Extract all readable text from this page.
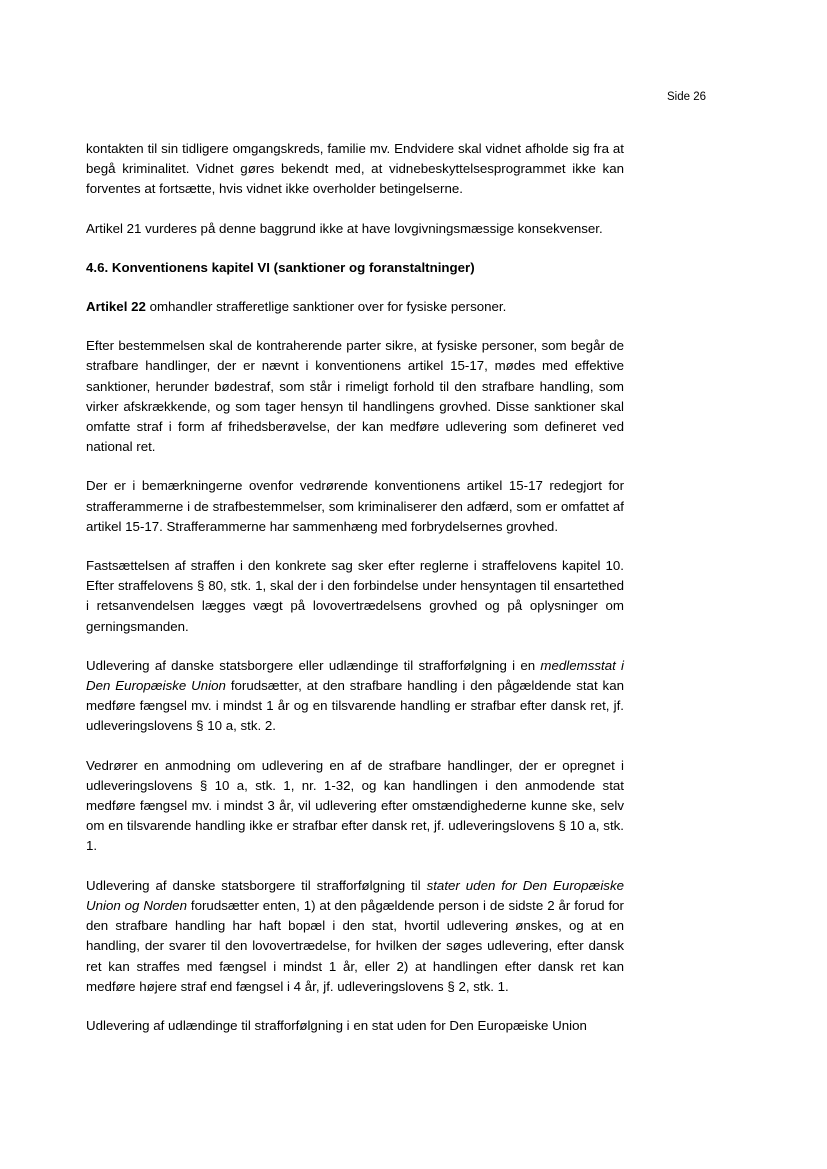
Side 26

kontakten til sin tidligere omgangskreds, familie mv. Endvidere skal vidnet afholde sig fra at begå kriminalitet. Vidnet gøres bekendt med, at vidnebeskyttelsesprogrammet ikke kan forventes at fortsætte, hvis vidnet ikke overholder betingelserne.

Artikel 21 vurderes på denne baggrund ikke at have lovgivningsmæssige konsekvenser.

4.6. Konventionens kapitel VI (sanktioner og foranstaltninger)

Artikel 22 omhandler strafferetlige sanktioner over for fysiske personer.

Efter bestemmelsen skal de kontraherende parter sikre, at fysiske personer, som begår de strafbare handlinger, der er nævnt i konventionens artikel 15-17, mødes med effektive sanktioner, herunder bødestraf, som står i rimeligt forhold til den strafbare handling, som virker afskrækkende, og som tager hensyn til handlingens grovhed. Disse sanktioner skal omfatte straf i form af frihedsberøvelse, der kan medføre udlevering som defineret ved national ret.

Der er i bemærkningerne ovenfor vedrørende konventionens artikel 15-17 redegjort for strafferammerne i de strafbestemmelser, som kriminaliserer den adfærd, som er omfattet af artikel 15-17. Strafferammerne har sammenhæng med forbrydelsernes grovhed.

Fastsættelsen af straffen i den konkrete sag sker efter reglerne i straffelovens kapitel 10. Efter straffelovens § 80, stk. 1, skal der i den forbindelse under hensyntagen til ensartethed i retsanvendelsen lægges vægt på lovovertrædelsens grovhed og på oplysninger om gerningsmanden.

Udlevering af danske statsborgere eller udlændinge til strafforfølgning i en medlemsstat i Den Europæiske Union forudsætter, at den strafbare handling i den pågældende stat kan medføre fængsel mv. i mindst 1 år og en tilsvarende handling er strafbar efter dansk ret, jf. udleveringslovens § 10 a, stk. 2.

Vedrører en anmodning om udlevering en af de strafbare handlinger, der er opregnet i udleveringslovens § 10 a, stk. 1, nr. 1-32, og kan handlingen i den anmodende stat medføre fængsel mv. i mindst 3 år, vil udlevering efter omstændighederne kunne ske, selv om en tilsvarende handling ikke er strafbar efter dansk ret, jf. udleveringslovens § 10 a, stk. 1.

Udlevering af danske statsborgere til strafforfølgning til stater uden for Den Europæiske Union og Norden forudsætter enten, 1) at den pågældende person i de sidste 2 år forud for den strafbare handling har haft bopæl i den stat, hvortil udlevering ønskes, og at en handling, der svarer til den lovovertrædelse, for hvilken der søges udlevering, efter dansk ret kan straffes med fængsel i mindst 1 år, eller 2) at handlingen efter dansk ret kan medføre højere straf end fængsel i 4 år, jf. udleveringslovens § 2, stk. 1.

Udlevering af udlændinge til strafforfølgning i en stat uden for Den Europæiske Union
